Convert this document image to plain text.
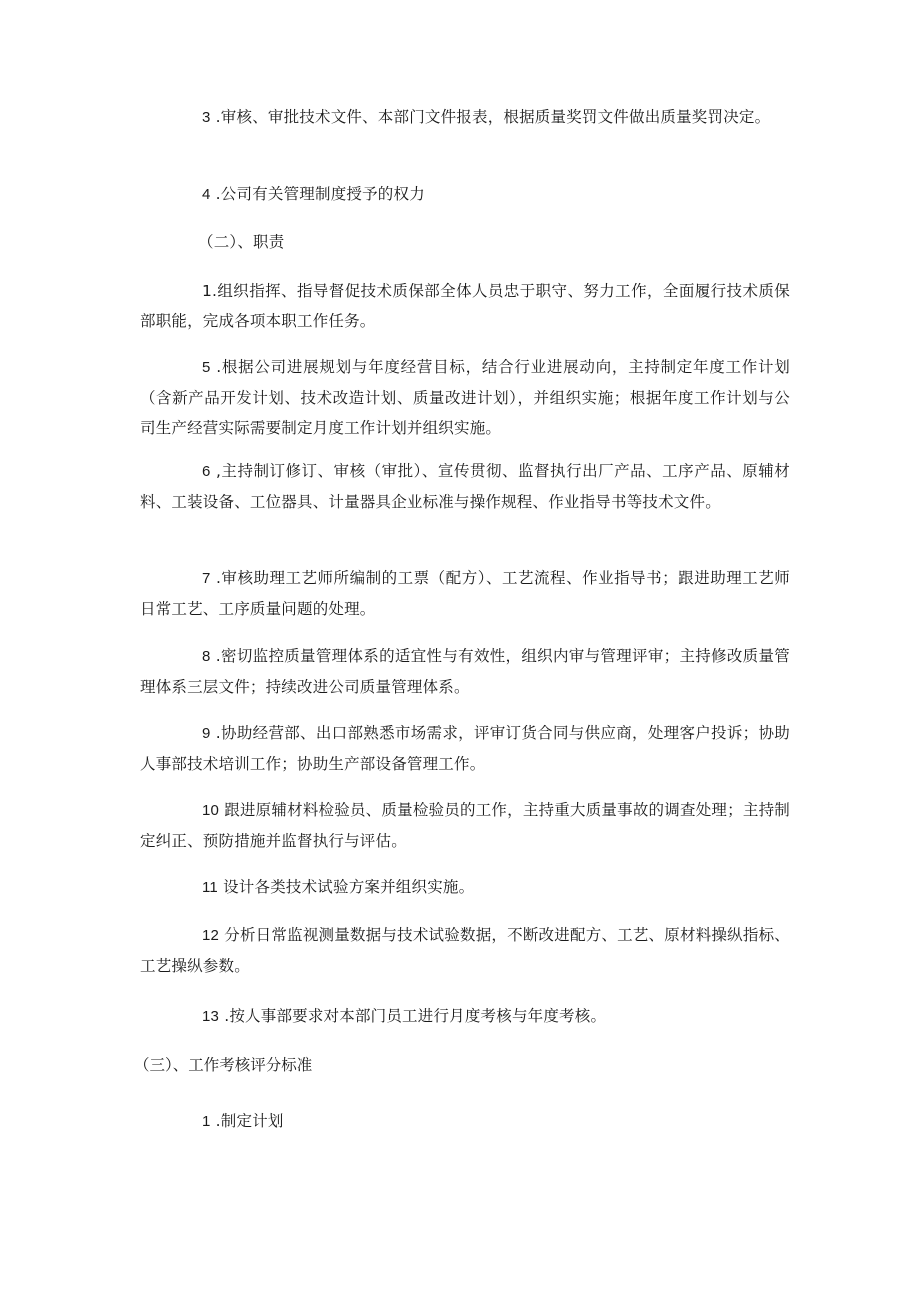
3 .审核、审批技术文件、本部门文件报表，根据质量奖罚文件做出质量奖罚决定。

4 .公司有关管理制度授予的权力

（二）、职责

1.组织指挥、指导督促技术质保部全体人员忠于职守、努力工作，全面履行技术质保部职能，完成各项本职工作任务。

5 .根据公司进展规划与年度经营目标，结合行业进展动向，主持制定年度工作计划（含新产品开发计划、技术改造计划、质量改进计划），并组织实施；根据年度工作计划与公司生产经营实际需要制定月度工作计划并组织实施。

6 ,主持制订修订、审核（审批）、宣传贯彻、监督执行出厂产品、工序产品、原辅材料、工装设备、工位器具、计量器具企业标准与操作规程、作业指导书等技术文件。

7 .审核助理工艺师所编制的工票（配方）、工艺流程、作业指导书；跟进助理工艺师日常工艺、工序质量问题的处理。

8 .密切监控质量管理体系的适宜性与有效性，组织内审与管理评审；主持修改质量管理体系三层文件；持续改进公司质量管理体系。

9 .协助经营部、出口部熟悉市场需求，评审订货合同与供应商，处理客户投诉；协助人事部技术培训工作；协助生产部设备管理工作。

10 跟进原辅材料检验员、质量检验员的工作，主持重大质量事故的调查处理；主持制定纠正、预防措施并监督执行与评估。

11 设计各类技术试验方案并组织实施。

12 分析日常监视测量数据与技术试验数据，不断改进配方、工艺、原材料操纵指标、工艺操纵参数。

13 .按人事部要求对本部门员工进行月度考核与年度考核。

（三）、工作考核评分标准

1 .制定计划
